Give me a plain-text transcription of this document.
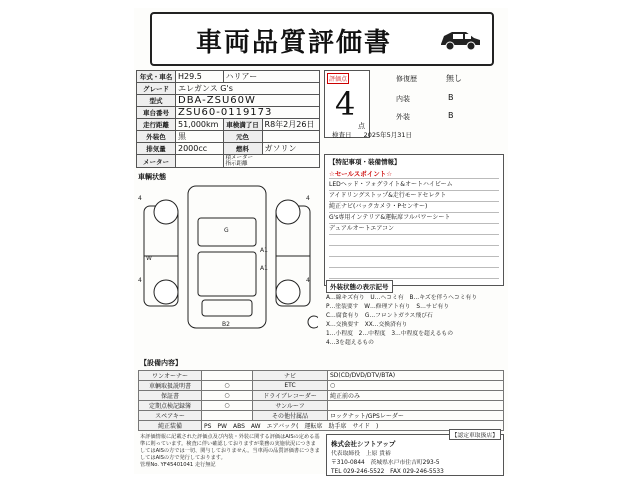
車両品質評価書
年式・車名	H29.5	ハリアー	
グレード	エレガンス G's		
型式	DBA-ZSU60W		
車台番号	ZSU60-0119173		
走行距離	51,000km	車検満了日	R8年2月26日
外装色	黒	元色	
排気量	2000cc	燃料	ガソリン
メーター		積メーター
指示距離	
評価点
4
点
修復歴	無し
内装	B
外装	B
検査日 2025年5月31日
車輌状態
4	4
4	4
G
A1
A1
W
B2
【特記事項・装備情報】
☆セールスポイント☆
LEDヘッド・フォグライト&オートハイビーム
アイドリングストップ&走行モードセレクト
純正ナビ(バックカメラ・Pセンサー)
G's専用インテリア&運転席フルパワーシート
デュアルオートエアコン
外装状態の表示記号
A…線キズ有り　U…ヘコミ有　B…キズを伴うヘコミ有り
P…塗装要す　W…修理アト有り　S…サビ有り
C…腐食有り　G…フロントガラス飛び石
X…交換要す　XX…交換済有り
1…小程度　2…中程度　3…中程度を超えるもの
4…3を超えるもの
【設備内容】
ワンオーナー		ナビ	SD(CD/DVD/DTV/BTA)
車輌取扱説明書	○	ETC	○
保証書	○	ドライブレコーダー	純正前のみ
定期点検記録簿	○	サンルーフ	
スペアキー		その他付属品	ロックナット/GPSレーダー
純正装備	PS　PW　ABS　AW　エアバック(　運転席　助手席　サイド　)		
本評価情報に記載された評価点及び内装・外装に関する評価はAISの定める基準に則っています。検査に伴い確認しておりますが業務の実施状況につきましてはAISの方では一切、関与しておりません。当車両の品質評価書につきましてはAISの方で発行しております。
管理No. YF45401041 走行無記
【認定車取扱店】
株式会社シフトアップ
代表取締役　上原 貴裕
〒310-0844　茨城県水戸市住吉町293-5
TEL 029-246-5522　FAX 029-246-5533
